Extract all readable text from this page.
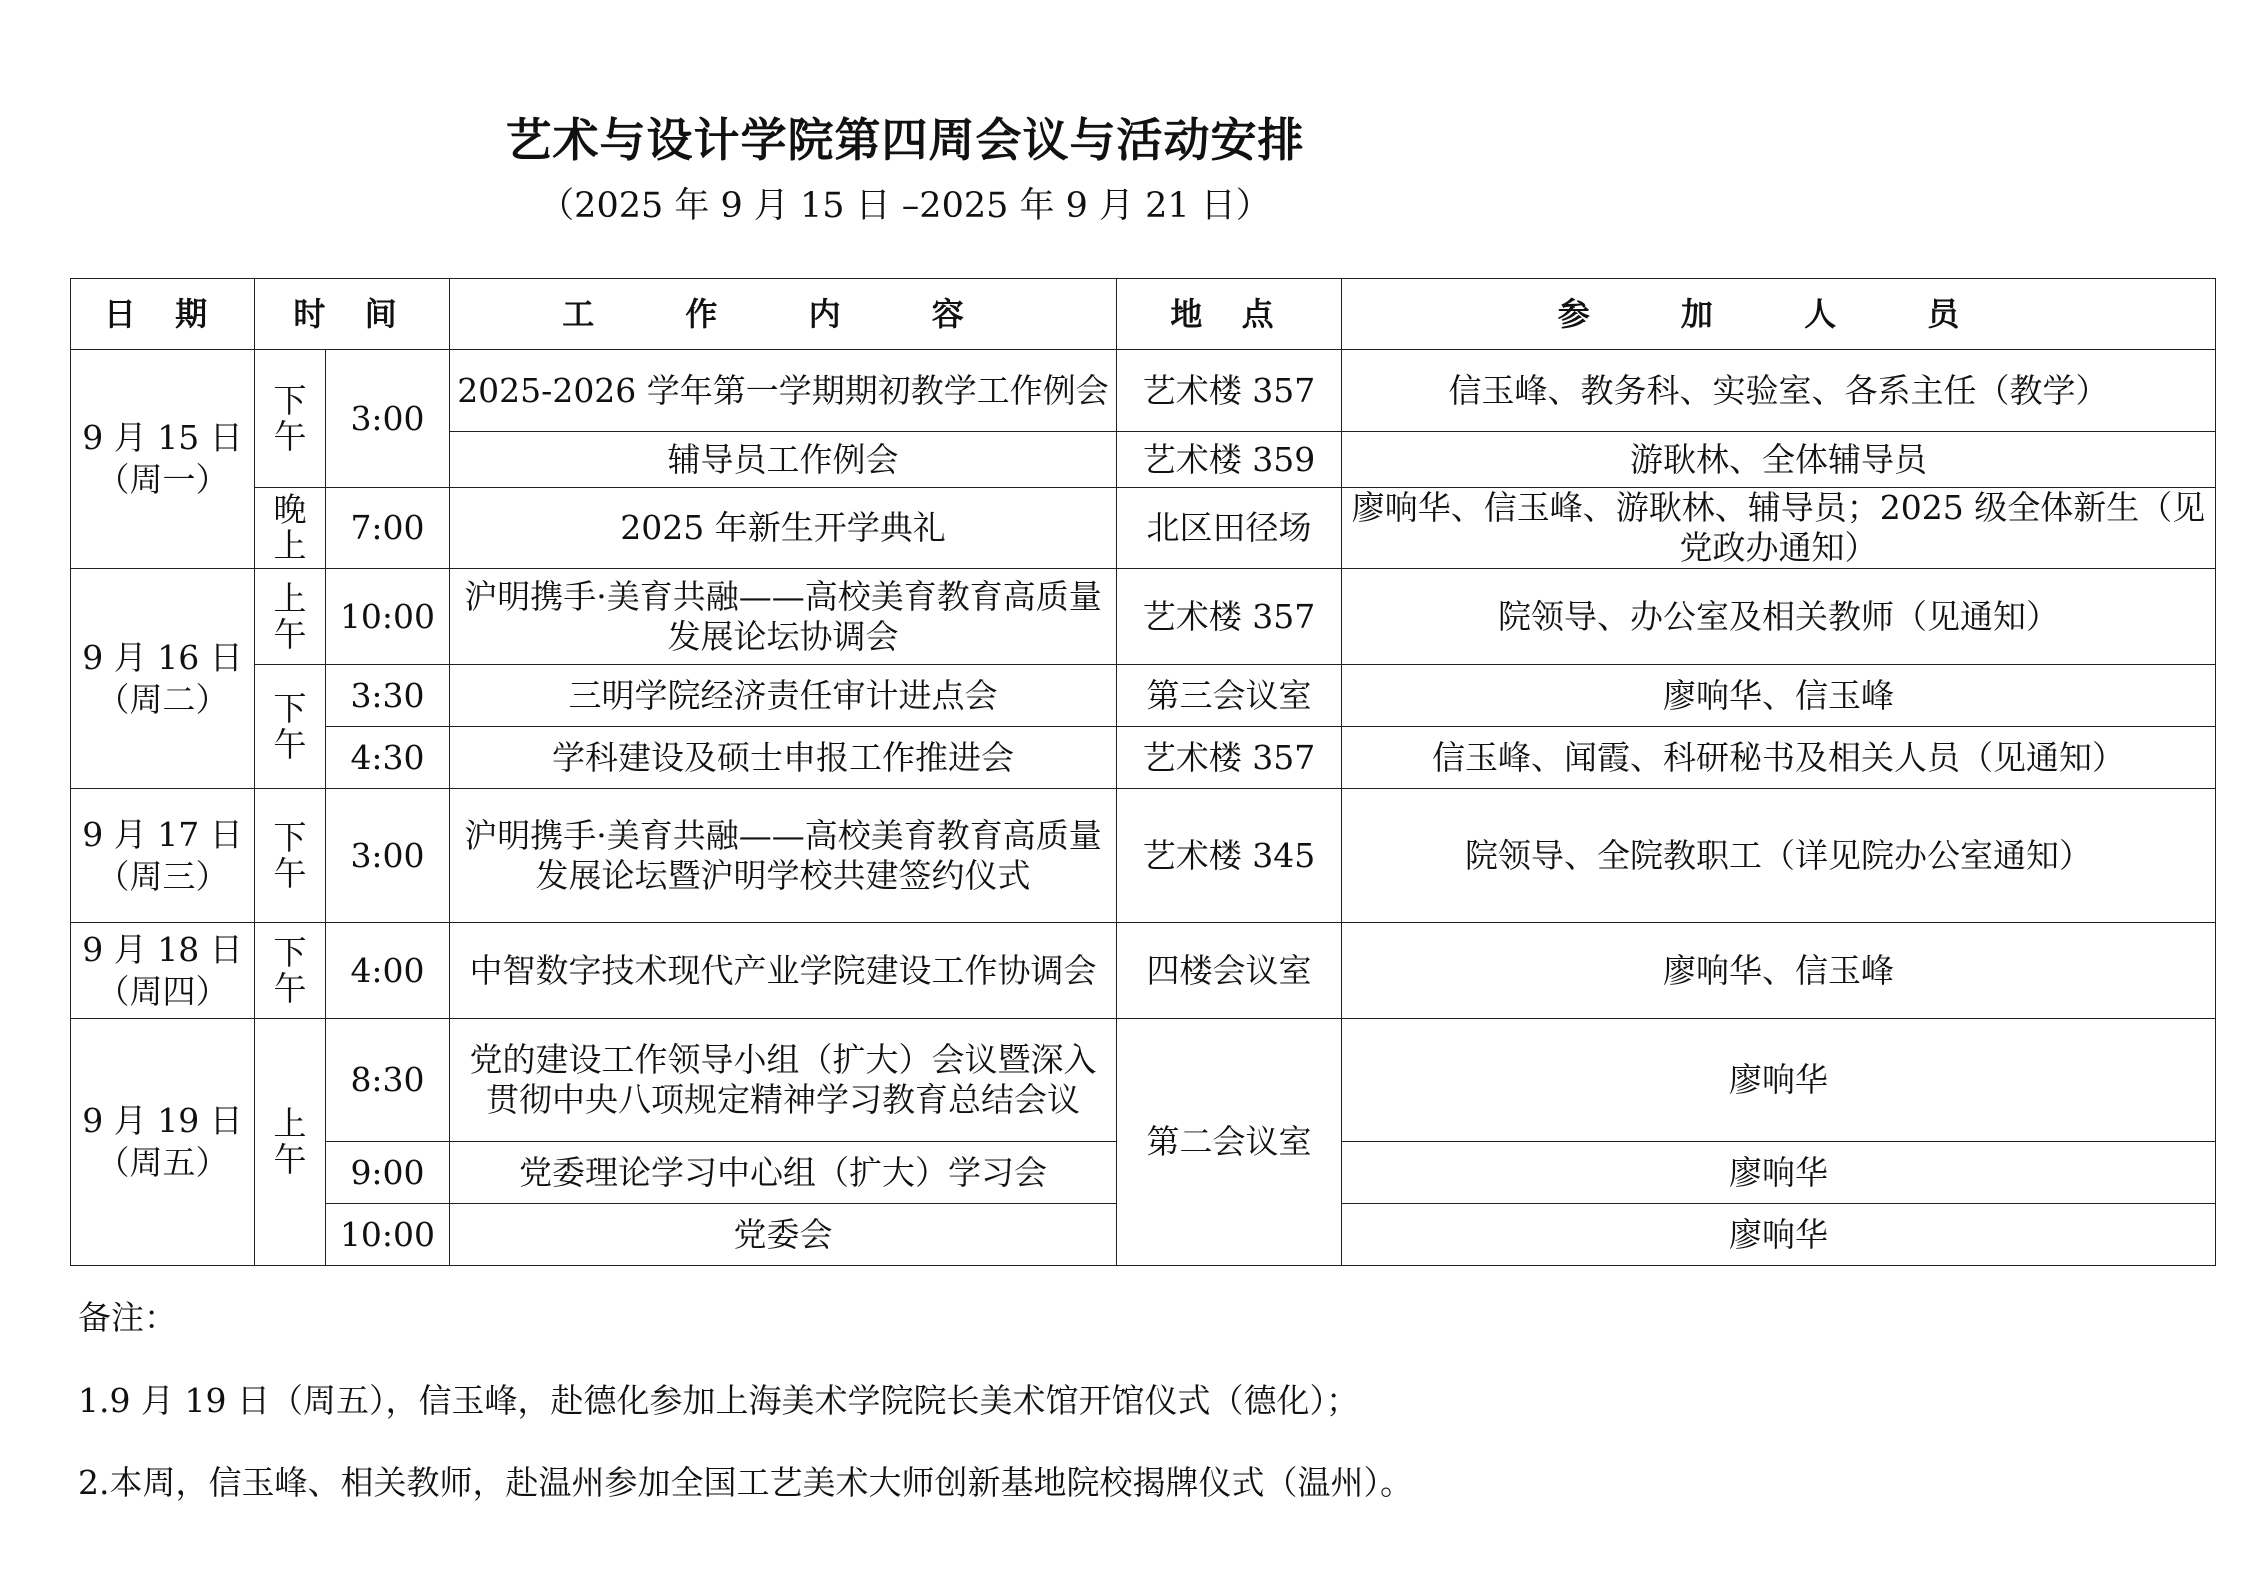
艺术与设计学院第四周会议与活动安排
（2025 年 9 月 15 日 –2025 年 9 月 21 日）
日 期	时 间		工 作 内 容	地 点	参 加 人 员

9 月 15 日
（周一）	下午	3:00	2025-2026 学年第一学期期初教学工作例会	艺术楼 357	信玉峰、教务科、实验室、各系主任（教学）
			辅导员工作例会	艺术楼 359	游耿林、全体辅导员
	晚上	7:00	2025 年新生开学典礼	北区田径场	廖响华、信玉峰、游耿林、辅导员；2025 级全体新生（见党政办通知）

9 月 16 日
（周二）	上午	10:00	沪明携手·美育共融——高校美育教育高质量发展论坛协调会	艺术楼 357	院领导、办公室及相关教师（见通知）
	下午	3:30	三明学院经济责任审计进点会	第三会议室	廖响华、信玉峰
		4:30	学科建设及硕士申报工作推进会	艺术楼 357	信玉峰、闻霞、科研秘书及相关人员（见通知）

9 月 17 日
（周三）	下午	3:00	沪明携手·美育共融——高校美育教育高质量发展论坛暨沪明学校共建签约仪式	艺术楼 345	院领导、全院教职工（详见院办公室通知）

9 月 18 日
（周四）	下午	4:00	中智数字技术现代产业学院建设工作协调会	四楼会议室	廖响华、信玉峰

9 月 19 日
（周五）	上午	8:30	党的建设工作领导小组（扩大）会议暨深入贯彻中央八项规定精神学习教育总结会议	第二会议室	廖响华
		9:00	党委理论学习中心组（扩大）学习会		廖响华
		10:00	党委会		廖响华
备注：
1.9 月 19 日（周五），信玉峰，赴德化参加上海美术学院院长美术馆开馆仪式（德化）；
2.本周，信玉峰、相关教师，赴温州参加全国工艺美术大师创新基地院校揭牌仪式（温州）。
